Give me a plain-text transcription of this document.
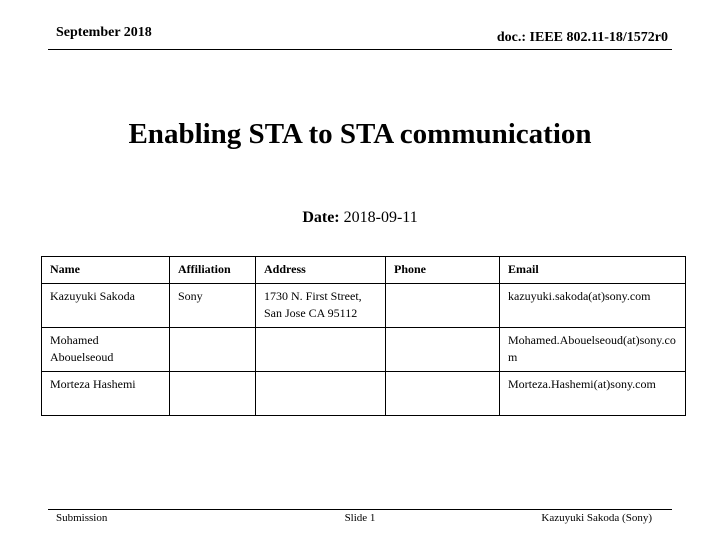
September 2018	doc.: IEEE 802.11-18/1572r0
Enabling STA to STA communication
Date: 2018-09-11
Name	Affiliation	Address	Phone	Email
Kazuyuki Sakoda	Sony	1730 N. First Street, San Jose CA 95112		kazuyuki.sakoda(at)sony.com
Mohamed Abouelseoud				Mohamed.Abouelseoud(at)sony.com
Morteza Hashemi				Morteza.Hashemi(at)sony.com
Submission	Slide 1	Kazuyuki Sakoda (Sony)
